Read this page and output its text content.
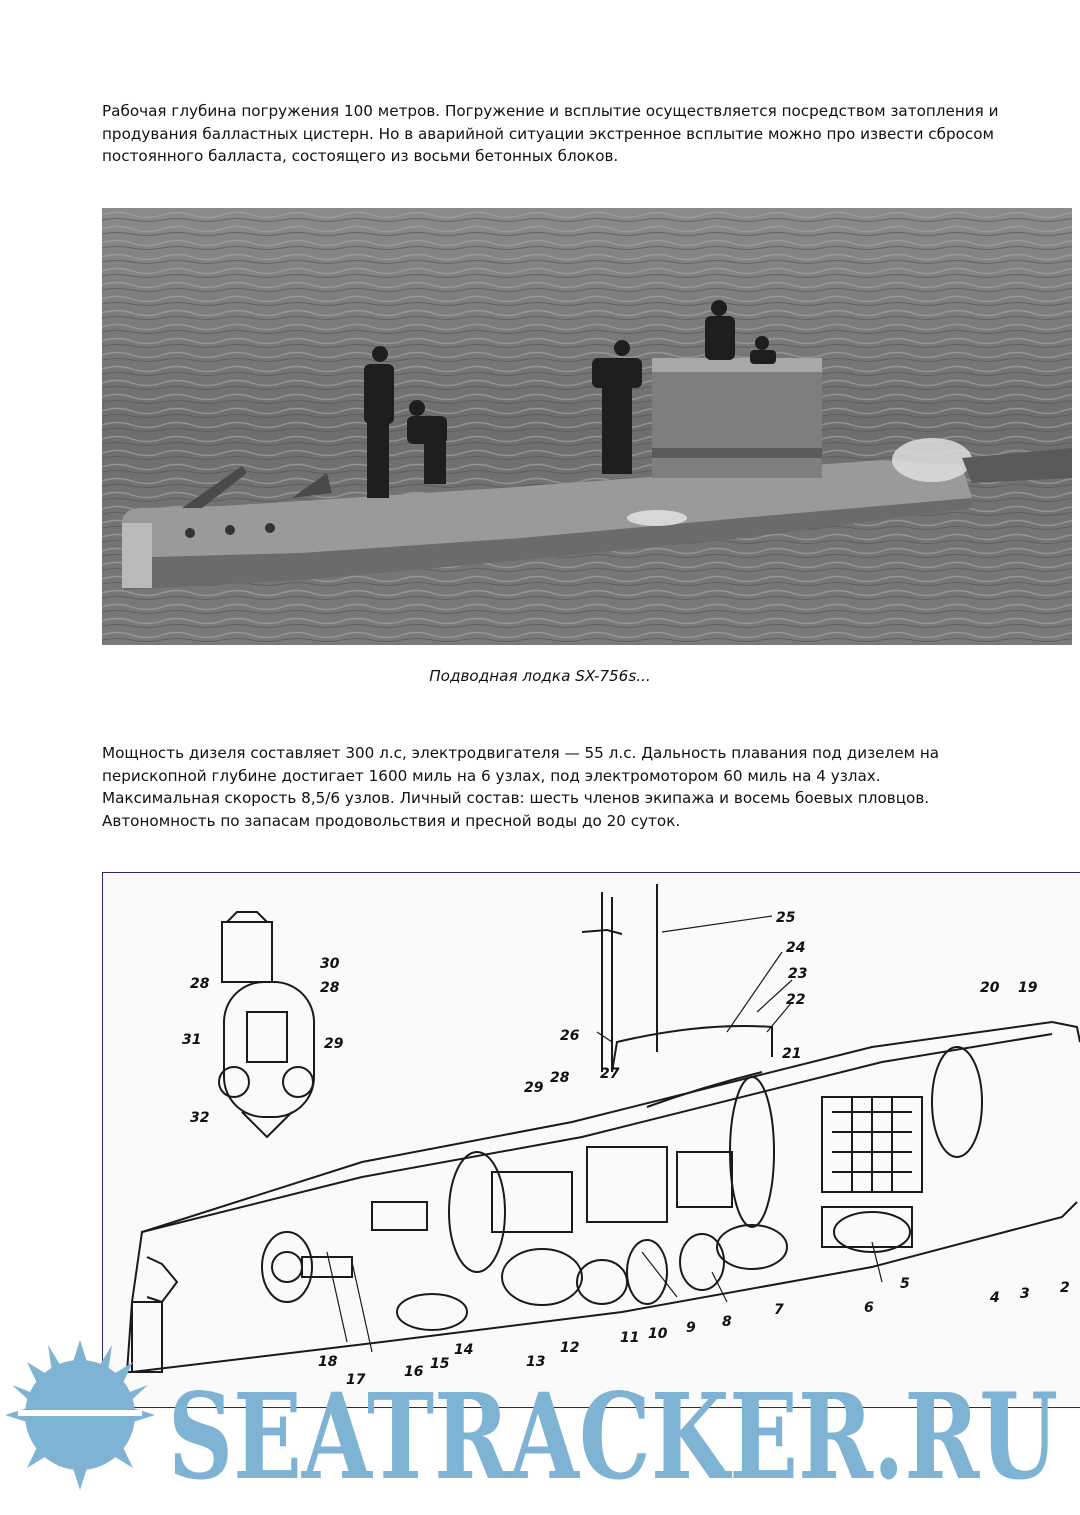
Рабочая глубина погружения 100 метров. Погружение и всплытие осуществляется посредством затопления и продувания балластных цистерн. Но в аварийной ситуации экстренное всплытие можно про извести сбросом постоянного балласта, состоящего из восьми бетонных блоков.

Подводная лодка SX-756s...

Мощность дизеля составляет 300 л.с, электродвигателя — 55 л.с. Дальность плавания под дизелем на перископной глубине достигает 1600 миль на 6 узлах, под электромотором 60 миль на 4 узлах. Максимальная скорость 8,5/6 узлов. Личный состав: шесть членов экипажа и восемь боевых пловцов. Автономность по запасам продовольствия и пресной воды до 20 суток.

2
3
4
5
6
7
8
9
10
11
12
13
14
15
16
17
18
19
20
21
22
23
24
25
26
27
28
29
28
30
28
31	29
32
SEATRACKER.RU
